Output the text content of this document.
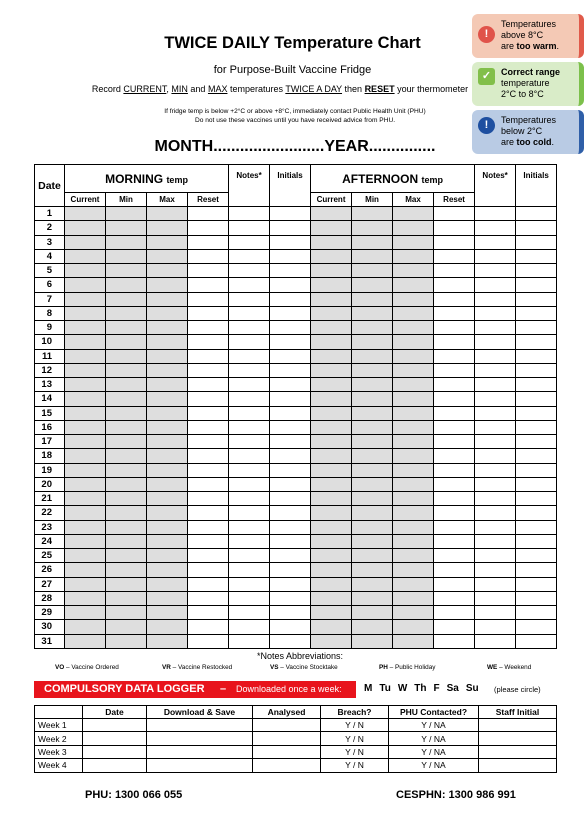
TWICE DAILY Temperature Chart
for Purpose-Built Vaccine Fridge
Record CURRENT, MIN and MAX temperatures TWICE A DAY then RESET your thermometer
If fridge temp is below +2°C or above +8°C, immediately contact Public Health Unit (PHU)
Do not use these vaccines until you have received advice from PHU.
MONTH.........................YEAR...............
!
Temperatures
above 8°C
are too warm.
✓	Correct range
temperature
2°C to 8°C
!	Temperatures
below 2°C
are too cold.
Date	MORNING temp				Notes*	Initials	AFTERNOON temp				Notes*	Initials
	Current	Min	Max	Reset			Current	Min	Max	Reset		
1												
2												
3												
4												
5												
6												
7												
8												
9												
10												
11												
12												
13												
14												
15												
16												
17												
18												
19												
20												
21												
22												
23												
24												
25												
26												
27												
28												
29												
30												
31												
*Notes Abbreviations:
VO – Vaccine Ordered	VR – Vaccine Restocked	VS – Vaccine Stocktake	PH – Public Holiday	WE – Weekend
COMPULSORY DATA LOGGER – Downloaded once a week: M Tu W Th F Sa Su	(please circle)
	Date	Download & Save	Analysed	Breach?	PHU Contacted?	Staff Initial
Week 1				Y / N	Y / NA	
Week 2				Y / N	Y / NA	
Week 3				Y / N	Y / NA	
Week 4				Y / N	Y / NA	
PHU: 1300 066 055	CESPHN: 1300 986 991
